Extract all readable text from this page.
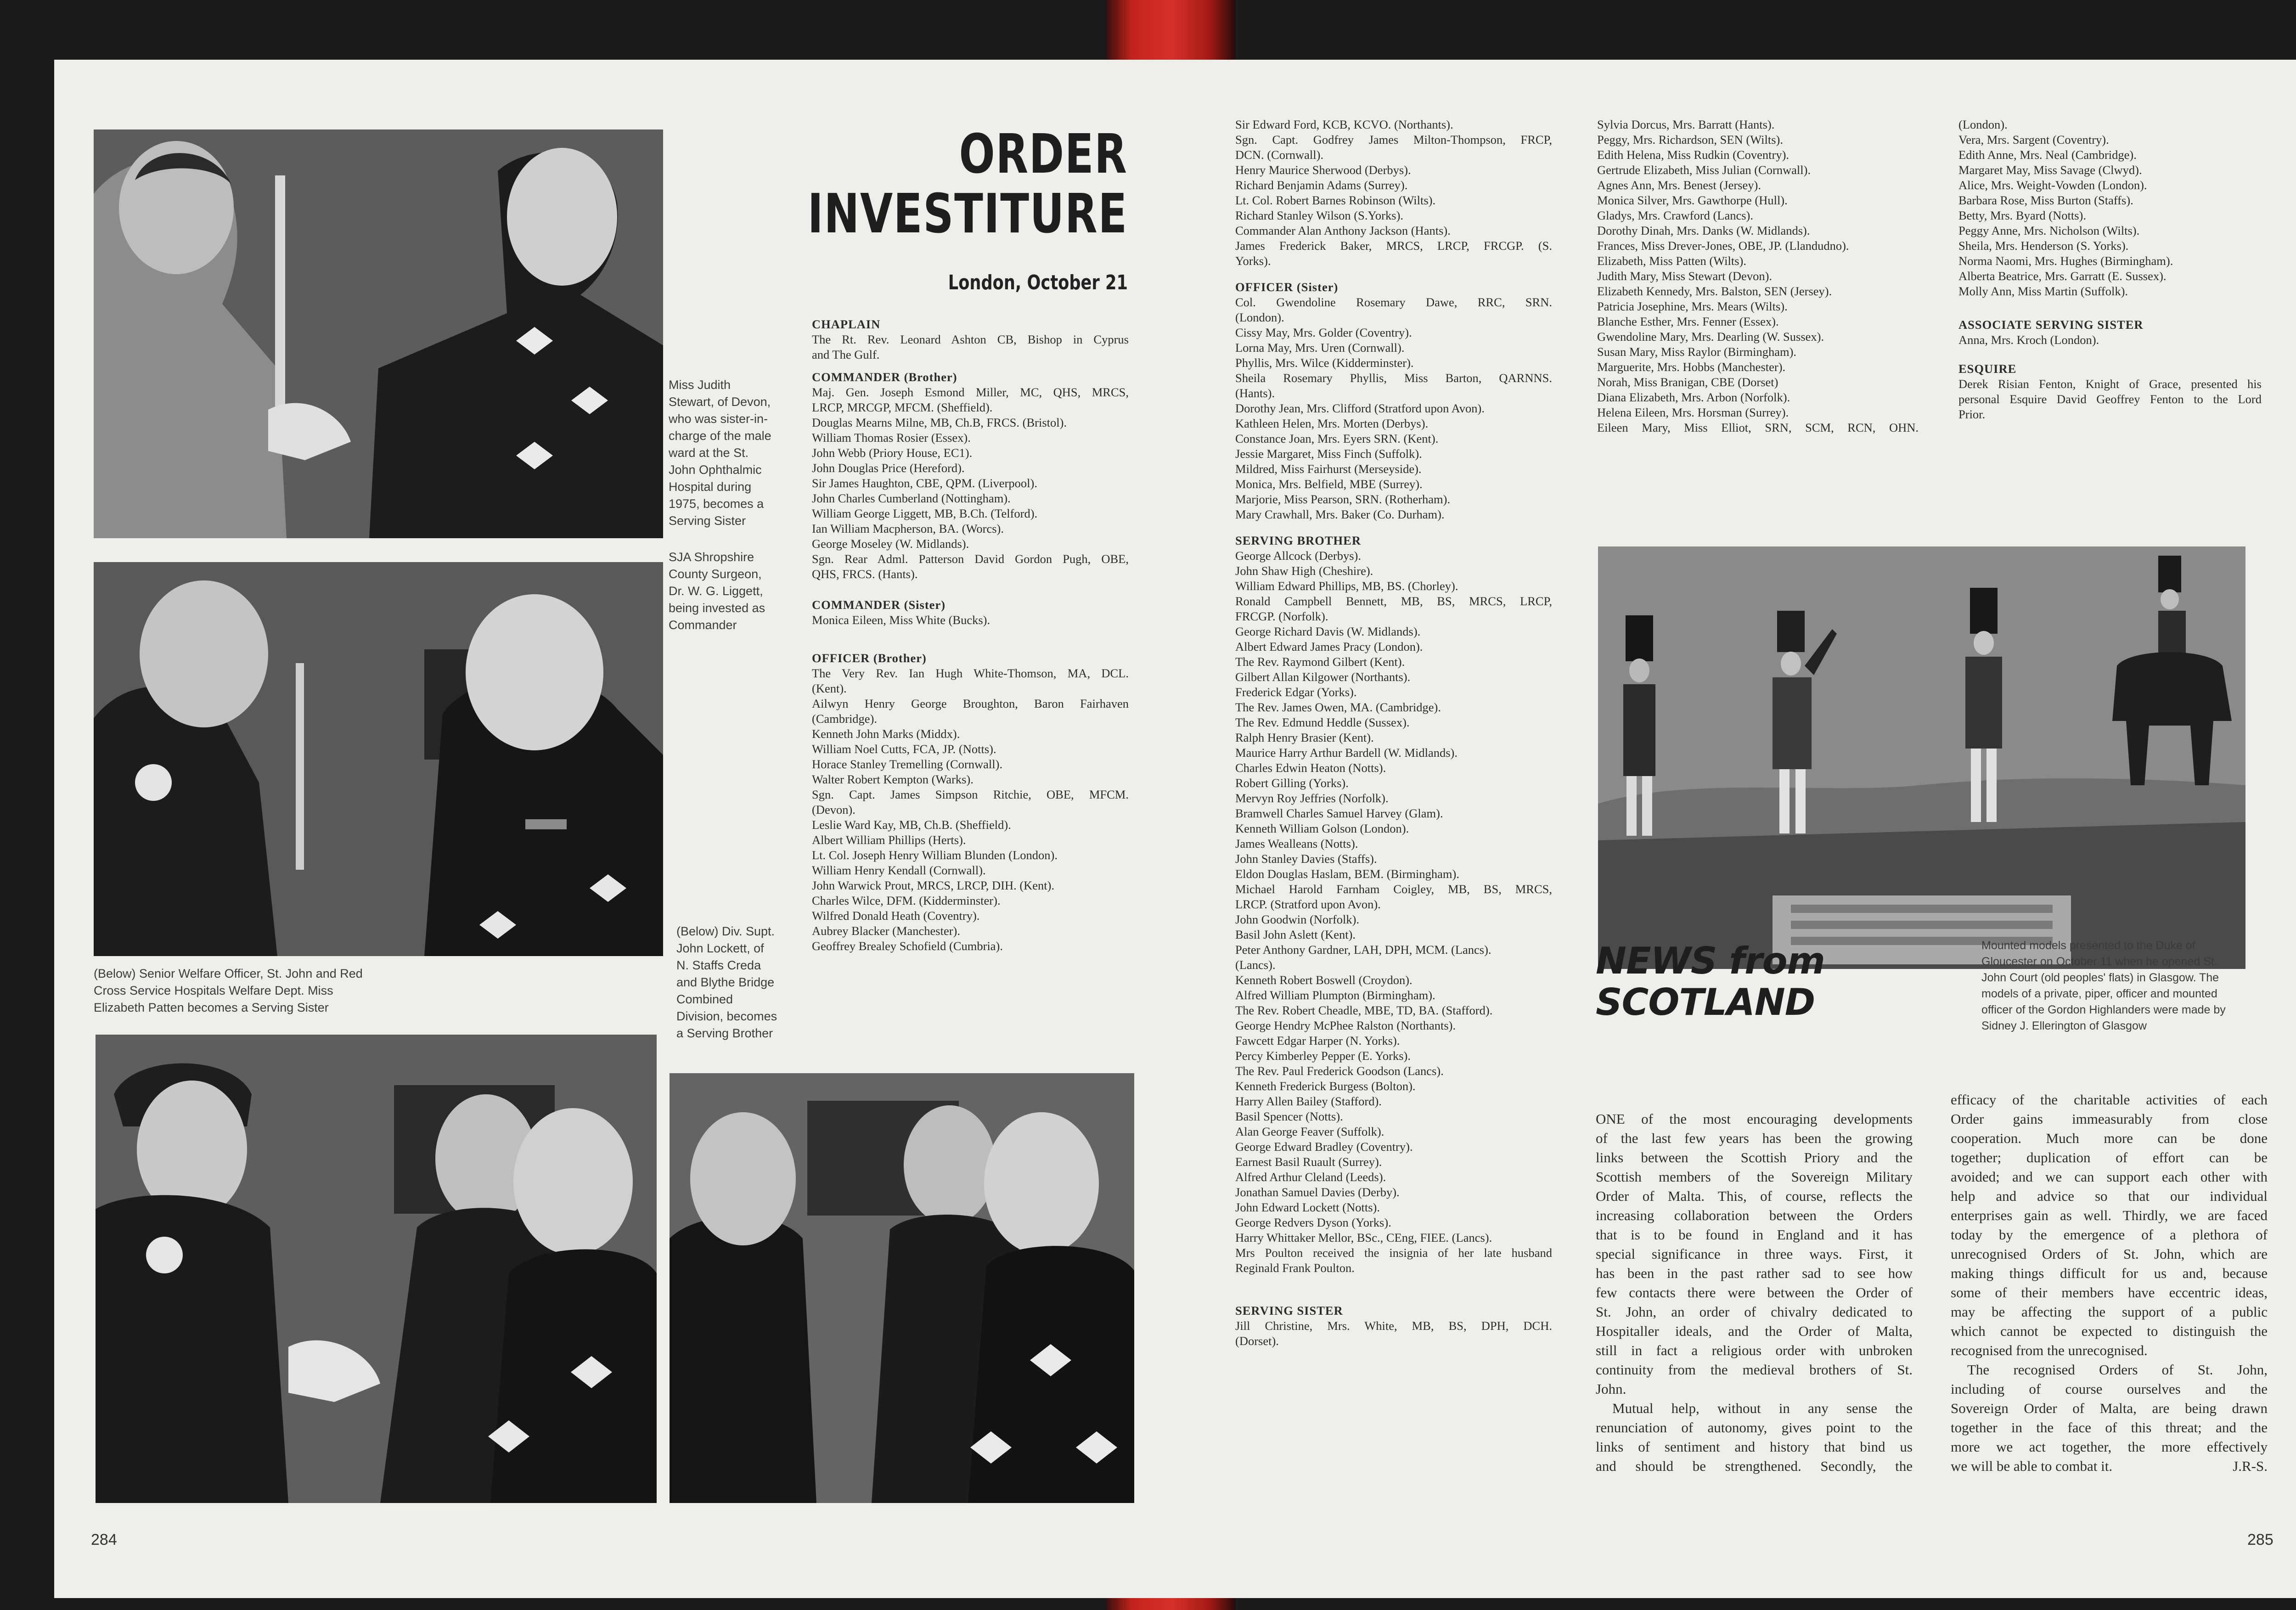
Miss Judith
Stewart, of Devon,
who was sister-in-
charge of the male
ward at the St.
John Ophthalmic
Hospital during
1975, becomes a
Serving Sister
SJA Shropshire
County Surgeon,
Dr. W. G. Liggett,
being invested as
Commander
(Below) Senior Welfare Officer, St. John and Red
Cross Service Hospitals Welfare Dept. Miss
Elizabeth Patten becomes a Serving Sister
(Below) Div. Supt.
John Lockett, of
N. Staffs Creda
and Blythe Bridge
Combined
Division, becomes
a Serving Brother
ORDER
INVESTITURE
London, October 21
CHAPLAIN
The Rt. Rev. Leonard Ashton CB, Bishop in Cyprus
and The Gulf.
COMMANDER (Brother)
Maj. Gen. Joseph Esmond Miller, MC, QHS, MRCS,
LRCP, MRCGP, MFCM. (Sheffield).
Douglas Mearns Milne, MB, Ch.B, FRCS. (Bristol).
William Thomas Rosier (Essex).
John Webb (Priory House, EC1).
John Douglas Price (Hereford).
Sir James Haughton, CBE, QPM. (Liverpool).
John Charles Cumberland (Nottingham).
William George Liggett, MB, B.Ch. (Telford).
Ian William Macpherson, BA. (Worcs).
George Moseley (W. Midlands).
Sgn. Rear Adml. Patterson David Gordon Pugh, OBE,
QHS, FRCS. (Hants).
COMMANDER (Sister)
Monica Eileen, Miss White (Bucks).
OFFICER (Brother)
The Very Rev. Ian Hugh White-Thomson, MA, DCL.
(Kent).
Ailwyn Henry George Broughton, Baron Fairhaven
(Cambridge).
Kenneth John Marks (Middx).
William Noel Cutts, FCA, JP. (Notts).
Horace Stanley Tremelling (Cornwall).
Walter Robert Kempton (Warks).
Sgn. Capt. James Simpson Ritchie, OBE, MFCM.
(Devon).
Leslie Ward Kay, MB, Ch.B. (Sheffield).
Albert William Phillips (Herts).
Lt. Col. Joseph Henry William Blunden (London).
William Henry Kendall (Cornwall).
John Warwick Prout, MRCS, LRCP, DIH. (Kent).
Charles Wilce, DFM. (Kidderminster).
Wilfred Donald Heath (Coventry).
Aubrey Blacker (Manchester).
Geoffrey Brealey Schofield (Cumbria).
284
Sir Edward Ford, KCB, KCVO. (Northants).
Sgn. Capt. Godfrey James Milton-Thompson, FRCP,
DCN. (Cornwall).
Henry Maurice Sherwood (Derbys).
Richard Benjamin Adams (Surrey).
Lt. Col. Robert Barnes Robinson (Wilts).
Richard Stanley Wilson (S.Yorks).
Commander Alan Anthony Jackson (Hants).
James Frederick Baker, MRCS, LRCP, FRCGP. (S.
Yorks).
OFFICER (Sister)
Col. Gwendoline Rosemary Dawe, RRC, SRN.
(London).
Cissy May, Mrs. Golder (Coventry).
Lorna May, Mrs. Uren (Cornwall).
Phyllis, Mrs. Wilce (Kidderminster).
Sheila Rosemary Phyllis, Miss Barton, QARNNS.
(Hants).
Dorothy Jean, Mrs. Clifford (Stratford upon Avon).
Kathleen Helen, Mrs. Morten (Derbys).
Constance Joan, Mrs. Eyers SRN. (Kent).
Jessie Margaret, Miss Finch (Suffolk).
Mildred, Miss Fairhurst (Merseyside).
Monica, Mrs. Belfield, MBE (Surrey).
Marjorie, Miss Pearson, SRN. (Rotherham).
Mary Crawhall, Mrs. Baker (Co. Durham).
SERVING BROTHER
George Allcock (Derbys).
John Shaw High (Cheshire).
William Edward Phillips, MB, BS. (Chorley).
Ronald Campbell Bennett, MB, BS, MRCS, LRCP,
FRCGP. (Norfolk).
George Richard Davis (W. Midlands).
Albert Edward James Pracy (London).
The Rev. Raymond Gilbert (Kent).
Gilbert Allan Kilgower (Northants).
Frederick Edgar (Yorks).
The Rev. James Owen, MA. (Cambridge).
The Rev. Edmund Heddle (Sussex).
Ralph Henry Brasier (Kent).
Maurice Harry Arthur Bardell (W. Midlands).
Charles Edwin Heaton (Notts).
Robert Gilling (Yorks).
Mervyn Roy Jeffries (Norfolk).
Bramwell Charles Samuel Harvey (Glam).
Kenneth William Golson (London).
James Wealleans (Notts).
John Stanley Davies (Staffs).
Eldon Douglas Haslam, BEM. (Birmingham).
Michael Harold Farnham Coigley, MB, BS, MRCS,
LRCP. (Stratford upon Avon).
John Goodwin (Norfolk).
Basil John Aslett (Kent).
Peter Anthony Gardner, LAH, DPH, MCM. (Lancs).
(Lancs).
Kenneth Robert Boswell (Croydon).
Alfred William Plumpton (Birmingham).
The Rev. Robert Cheadle, MBE, TD, BA. (Stafford).
George Hendry McPhee Ralston (Northants).
Fawcett Edgar Harper (N. Yorks).
Percy Kimberley Pepper (E. Yorks).
The Rev. Paul Frederick Goodson (Lancs).
Kenneth Frederick Burgess (Bolton).
Harry Allen Bailey (Stafford).
Basil Spencer (Notts).
Alan George Feaver (Suffolk).
George Edward Bradley (Coventry).
Earnest Basil Ruault (Surrey).
Alfred Arthur Cleland (Leeds).
Jonathan Samuel Davies (Derby).
John Edward Lockett (Notts).
George Redvers Dyson (Yorks).
Harry Whittaker Mellor, BSc., CEng, FIEE. (Lancs).
Mrs Poulton received the insignia of her late husband
Reginald Frank Poulton.
SERVING SISTER
Jill Christine, Mrs. White, MB, BS, DPH, DCH.
(Dorset).
Sylvia Dorcus, Mrs. Barratt (Hants).
Peggy, Mrs. Richardson, SEN (Wilts).
Edith Helena, Miss Rudkin (Coventry).
Gertrude Elizabeth, Miss Julian (Cornwall).
Agnes Ann, Mrs. Benest (Jersey).
Monica Silver, Mrs. Gawthorpe (Hull).
Gladys, Mrs. Crawford (Lancs).
Dorothy Dinah, Mrs. Danks (W. Midlands).
Frances, Miss Drever-Jones, OBE, JP. (Llandudno).
Elizabeth, Miss Patten (Wilts).
Judith Mary, Miss Stewart (Devon).
Elizabeth Kennedy, Mrs. Balston, SEN (Jersey).
Patricia Josephine, Mrs. Mears (Wilts).
Blanche Esther, Mrs. Fenner (Essex).
Gwendoline Mary, Mrs. Dearling (W. Sussex).
Susan Mary, Miss Raylor (Birmingham).
Marguerite, Mrs. Hobbs (Manchester).
Norah, Miss Branigan, CBE (Dorset)
Diana Elizabeth, Mrs. Arbon (Norfolk).
Helena Eileen, Mrs. Horsman (Surrey).
Eileen Mary, Miss Elliot, SRN, SCM, RCN, OHN.
(London).
Vera, Mrs. Sargent (Coventry).
Edith Anne, Mrs. Neal (Cambridge).
Margaret May, Miss Savage (Clwyd).
Alice, Mrs. Weight-Vowden (London).
Barbara Rose, Miss Burton (Staffs).
Betty, Mrs. Byard (Notts).
Peggy Anne, Mrs. Nicholson (Wilts).
Sheila, Mrs. Henderson (S. Yorks).
Norma Naomi, Mrs. Hughes (Birmingham).
Alberta Beatrice, Mrs. Garratt (E. Sussex).
Molly Ann, Miss Martin (Suffolk).
ASSOCIATE SERVING SISTER
Anna, Mrs. Kroch (London).
ESQUIRE
Derek Risian Fenton, Knight of Grace, presented his
personal Esquire David Geoffrey Fenton to the Lord
Prior.
Mounted models presented to the Duke of
Gloucester on October 11 when he opened St.
John Court (old peoples' flats) in Glasgow. The
models of a private, piper, officer and mounted
officer of the Gordon Highlanders were made by
Sidney J. Ellerington of Glasgow
NEWS from
SCOTLAND
ONE of the most encouraging developments
of the last few years has been the growing
links between the Scottish Priory and the
Scottish members of the Sovereign Military
Order of Malta. This, of course, reflects the
increasing collaboration between the Orders
that is to be found in England and it has
special significance in three ways. First, it
has been in the past rather sad to see how
few contacts there were between the Order of
St. John, an order of chivalry dedicated to
Hospitaller ideals, and the Order of Malta,
still in fact a religious order with unbroken
continuity from the medieval brothers of St.
John.
Mutual help, without in any sense the
renunciation of autonomy, gives point to the
links of sentiment and history that bind us
and should be strengthened. Secondly, the
efficacy of the charitable activities of each
Order gains immeasurably from close
cooperation. Much more can be done
together; duplication of effort can be
avoided; and we can support each other with
help and advice so that our individual
enterprises gain as well. Thirdly, we are faced
today by the emergence of a plethora of
unrecognised Orders of St. John, which are
making things difficult for us and, because
some of their members have eccentric ideas,
may be affecting the support of a public
which cannot be expected to distinguish the
recognised from the unrecognised.
The recognised Orders of St. John,
including of course ourselves and the
Sovereign Order of Malta, are being drawn
together in the face of this threat; and the
more we act together, the more effectively
we will be able to combat it.	J.R-S.
285
